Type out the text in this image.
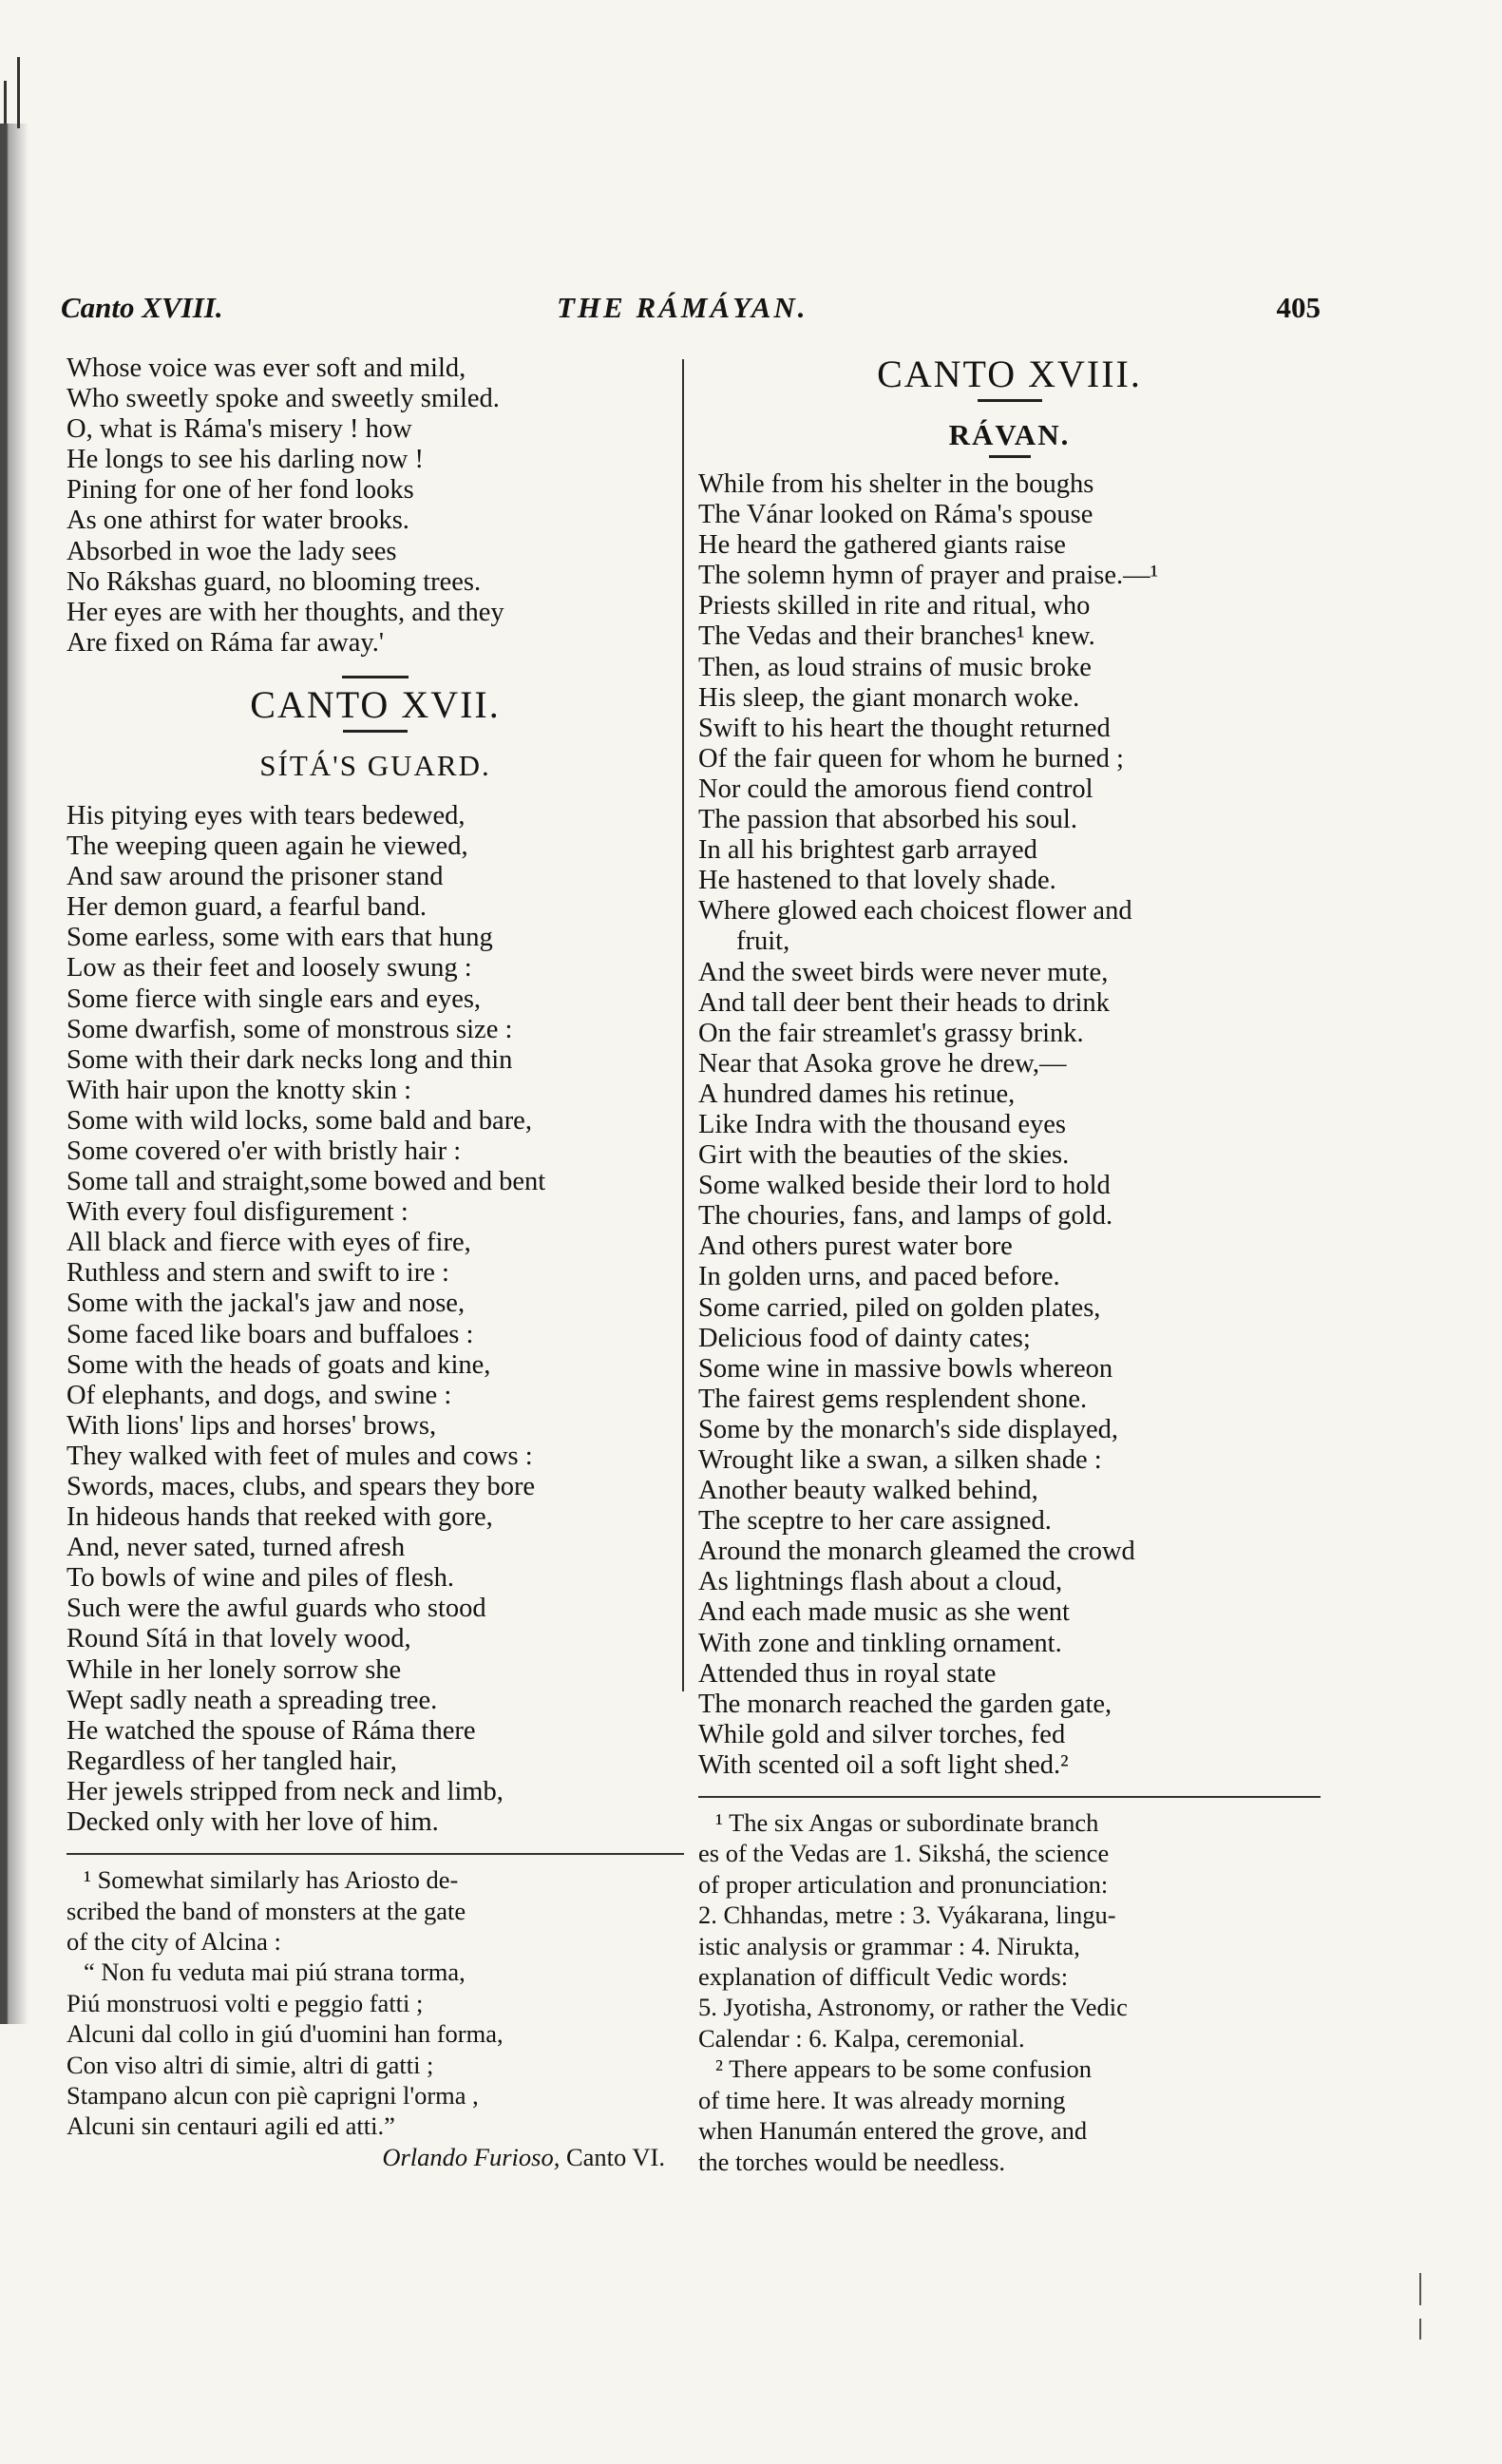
Canto XVIII.	THE RÁMÁYAN.	405
Whose voice was ever soft and mild,
Who sweetly spoke and sweetly smiled.
O, what is Ráma's misery ! how
He longs to see his darling now !
Pining for one of her fond looks
As one athirst for water brooks.
Absorbed in woe the lady sees
No Rákshas guard, no blooming trees.
Her eyes are with her thoughts, and they
Are fixed on Ráma far away.'

CANTO XVII.

SÍTÁ'S GUARD.

His pitying eyes with tears bedewed,
The weeping queen again he viewed,
And saw around the prisoner stand
Her demon guard, a fearful band.
Some earless, some with ears that hung
Low as their feet and loosely swung :
Some fierce with single ears and eyes,
Some dwarfish, some of monstrous size :
Some with their dark necks long and thin
With hair upon the knotty skin :
Some with wild locks, some bald and bare,
Some covered o'er with bristly hair :
Some tall and straight,some bowed and bent
With every foul disfigurement :
All black and fierce with eyes of fire,
Ruthless and stern and swift to ire :
Some with the jackal's jaw and nose,
Some faced like boars and buffaloes :
Some with the heads of goats and kine,
Of elephants, and dogs, and swine :
With lions' lips and horses' brows,
They walked with feet of mules and cows :
Swords, maces, clubs, and spears they bore
In hideous hands that reeked with gore,
And, never sated, turned afresh
To bowls of wine and piles of flesh.
Such were the awful guards who stood
Round Sítá in that lovely wood,
While in her lonely sorrow she
Wept sadly neath a spreading tree.
He watched the spouse of Ráma there
Regardless of her tangled hair,
Her jewels stripped from neck and limb,
Decked only with her love of him.
¹ Somewhat similarly has Ariosto de-
scribed the band of monsters at the gate
of the city of Alcina :
“ Non fu veduta mai piú strana torma,
Piú monstruosi volti e peggio fatti ;
Alcuni dal collo in giú d'uomini han forma,
Con viso altri di simie, altri di gatti ;
Stampano alcun con piè caprigni l'orma ,
Alcuni sin centauri agili ed atti.”
Orlando Furioso, Canto VI.

CANTO XVIII.

RÁVAN.

While from his shelter in the boughs
The Vánar looked on Ráma's spouse
He heard the gathered giants raise
The solemn hymn of prayer and praise.—¹
Priests skilled in rite and ritual, who
The Vedas and their branches¹ knew.
Then, as loud strains of music broke
His sleep, the giant monarch woke.
Swift to his heart the thought returned
Of the fair queen for whom he burned ;
Nor could the amorous fiend control
The passion that absorbed his soul.
In all his brightest garb arrayed
He hastened to that lovely shade.
Where glowed each choicest flower and
fruit,
And the sweet birds were never mute,
And tall deer bent their heads to drink
On the fair streamlet's grassy brink.
Near that Asoka grove he drew,—
A hundred dames his retinue,
Like Indra with the thousand eyes
Girt with the beauties of the skies.
Some walked beside their lord to hold
The chouries, fans, and lamps of gold.
And others purest water bore
In golden urns, and paced before.
Some carried, piled on golden plates,
Delicious food of dainty cates;
Some wine in massive bowls whereon
The fairest gems resplendent shone.
Some by the monarch's side displayed,
Wrought like a swan, a silken shade :
Another beauty walked behind,
The sceptre to her care assigned.
Around the monarch gleamed the crowd
As lightnings flash about a cloud,
And each made music as she went
With zone and tinkling ornament.
Attended thus in royal state
The monarch reached the garden gate,
While gold and silver torches, fed
With scented oil a soft light shed.²
¹ The six Angas or subordinate branch
es of the Vedas are 1. Sikshá, the science
of proper articulation and pronunciation:
2. Chhandas, metre : 3. Vyákarana, lingu-
istic analysis or grammar : 4. Nirukta,
explanation of difficult Vedic words:
5. Jyotisha, Astronomy, or rather the Vedic
Calendar : 6. Kalpa, ceremonial.
² There appears to be some confusion
of time here. It was already morning
when Hanumán entered the grove, and
the torches would be needless.
